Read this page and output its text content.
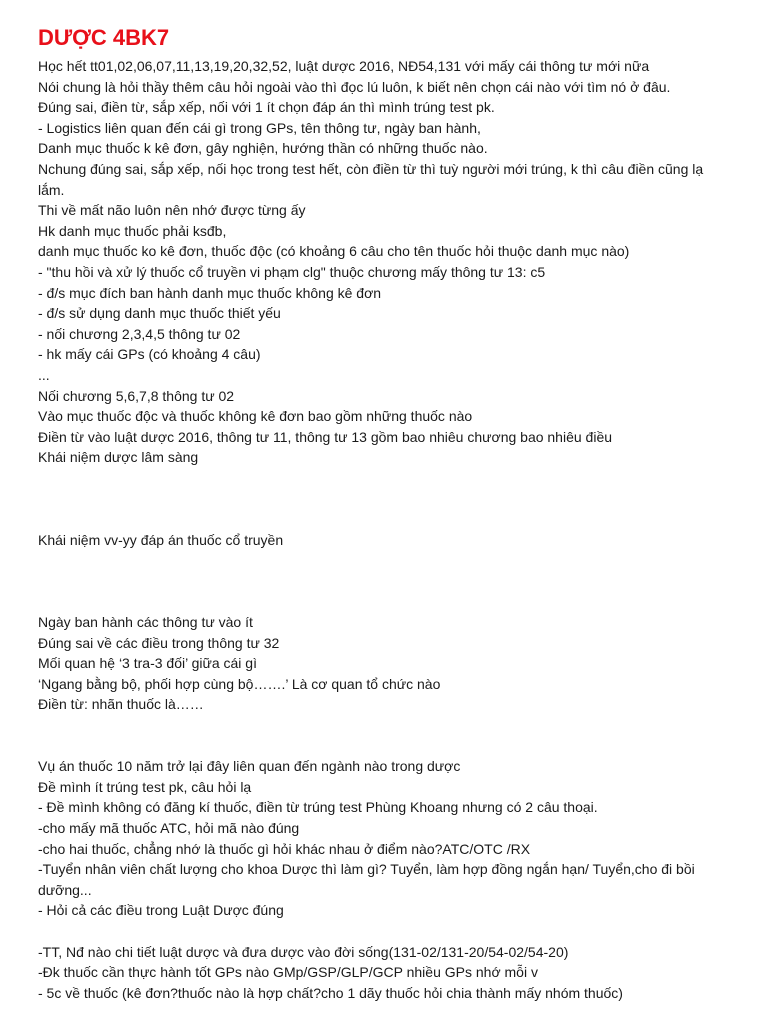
DƯỢC 4BK7
Học hết tt01,02,06,07,11,13,19,20,32,52, luật dược 2016, NĐ54,131 với mấy cái thông tư mới nữa
Nói chung là hỏi thầy thêm câu hỏi ngoài vào thì đọc lú luôn, k biết nên chọn cái nào với tìm nó ở đâu.
Đúng sai, điền từ, sắp xếp, nối với 1 ít chọn đáp án thì mình trúng test pk.
- Logistics liên quan đến cái gì trong GPs, tên thông tư, ngày ban hành,
Danh mục thuốc k kê đơn, gây nghiện, hướng thần có những thuốc nào.
Nchung đúng sai, sắp xếp, nối học trong test hết, còn điền từ thì tuỳ người mới trúng, k thì câu điền cũng lạ lắm.
Thi về mất não luôn nên nhớ được từng ấy
Hk danh mục thuốc phải ksđb,
danh mục thuốc ko kê đơn, thuốc độc (có khoảng 6 câu cho tên thuốc hỏi thuộc danh mục nào)
- "thu hồi và xử lý thuốc cổ truyền vi phạm clg" thuộc chương mấy thông tư 13: c5
- đ/s mục đích ban hành danh mục thuốc không kê đơn
- đ/s sử dụng danh mục thuốc thiết yếu
- nối chương 2,3,4,5 thông tư 02
- hk mấy cái GPs (có khoảng 4 câu)
...
Nối chương 5,6,7,8 thông tư 02
Vào mục thuốc độc và thuốc không kê đơn bao gồm những thuốc nào
Điền từ vào luật dược 2016, thông tư 11, thông tư 13 gồm bao nhiêu chương bao nhiêu điều
Khái niệm dược lâm sàng
Khái niệm vv-yy đáp án thuốc cổ truyền
Ngày ban hành các thông tư vào ít
Đúng sai về các điều trong thông tư 32
Mối quan hệ ‘3 tra-3 đối’ giữa cái gì
‘Ngang bằng bộ, phối hợp cùng bộ…….’ Là cơ quan tổ chức nào
Điền từ: nhãn thuốc là……
Vụ án thuốc 10 năm trở lại đây liên quan đến ngành nào trong dược
Đề mình ít trúng test pk, câu hỏi lạ
- Đề mình không có đăng kí thuốc, điền từ trúng test Phùng Khoang nhưng có 2 câu thoại.
-cho mấy mã thuốc ATC, hỏi mã nào đúng
-cho hai thuốc, chẳng nhớ là thuốc gì hỏi khác nhau ở điểm nào?ATC/OTC /RX
-Tuyển nhân viên chất lượng cho khoa Dược thì làm gì? Tuyển, làm hợp đồng ngắn hạn/ Tuyển,cho đi bồi dưỡng...
- Hỏi cả các điều trong Luật Dược đúng
-TT, Nđ nào chi tiết luật dược và đưa dược vào đời sống(131-02/131-20/54-02/54-20)
-Đk thuốc cần thực hành tốt GPs nào GMp/GSP/GLP/GCP nhiều GPs nhớ mỗi v
- 5c về thuốc (kê đơn?thuốc nào là hợp chất?cho 1 dãy thuốc hỏi chia thành mấy nhóm thuốc)
